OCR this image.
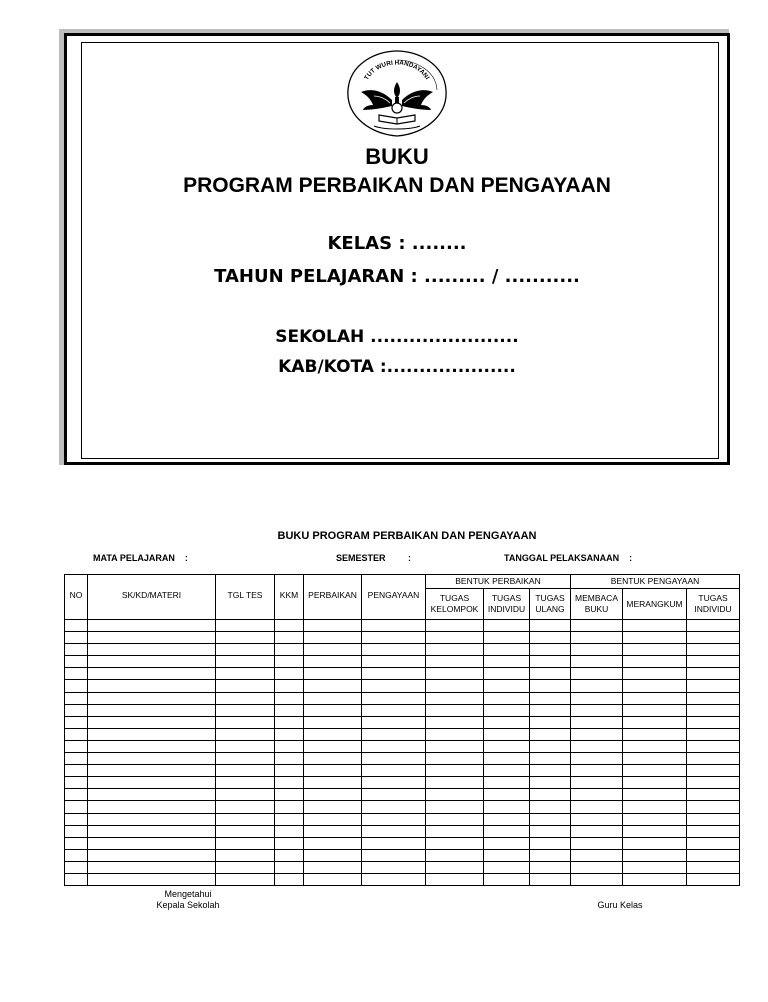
TUT WURI HANDAYANI
BUKU
PROGRAM PERBAIKAN DAN PENGAYAAN
KELAS : ........
TAHUN PELAJARAN : ......... / ...........
SEKOLAH .......................
KAB/KOTA :....................
BUKU PROGRAM PERBAIKAN DAN PENGAYAAN
MATA PELAJARAN    :	SEMESTER         :	TANGGAL PELAKSANAAN    :
NO	SK/KD/MATERI	TGL TES	KKM	PERBAIKAN	PENGAYAAN	BENTUK PERBAIKAN			BENTUK PENGAYAAN		
						TUGAS KELOMPOK	TUGAS INDIVIDU	TUGAS ULANG	MEMBACA BUKU	MERANGKUM	TUGAS INDIVIDU

Mengetahui
Kepala Sekolah	Guru Kelas
